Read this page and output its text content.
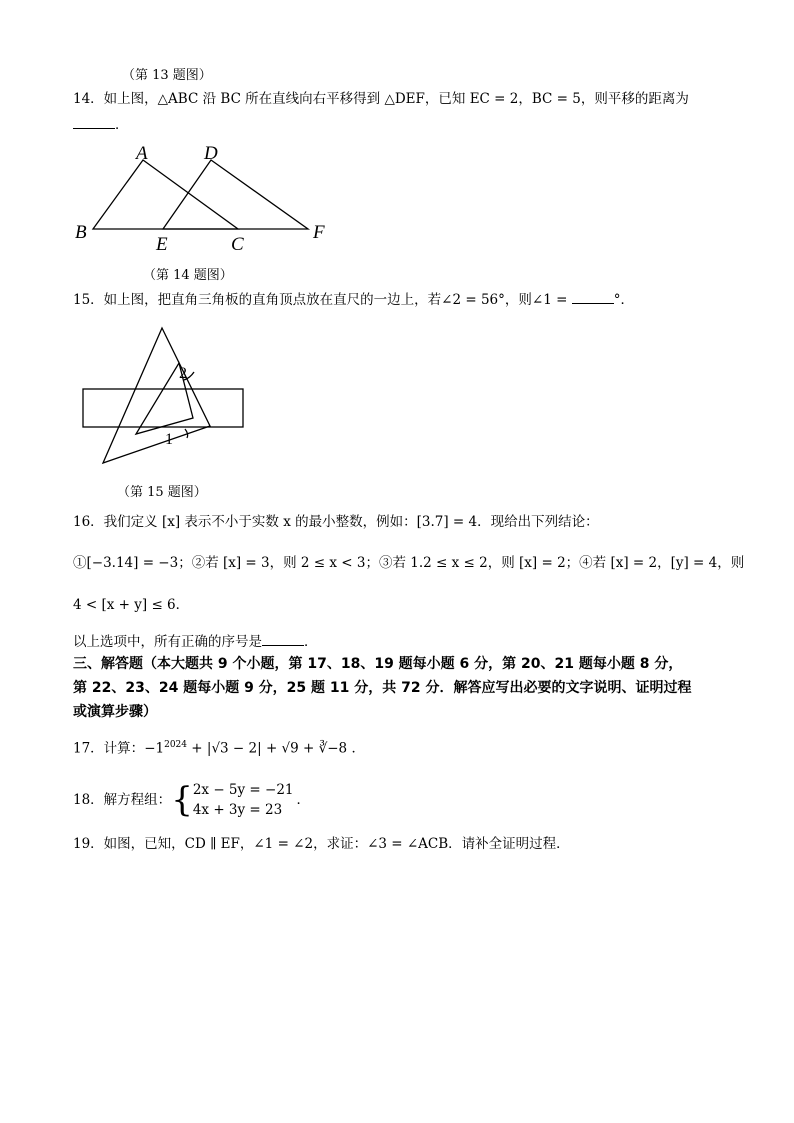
（第 13 题图）
14．如上图，△ABC 沿 BC 所在直线向右平移得到 △DEF，已知 EC = 2，BC = 5，则平移的距离为
．
A	D
B
E	C
F
（第 14 题图）
15．如上图，把直角三角板的直角顶点放在直尺的一边上，若∠2 = 56°，则∠1 =	°．
2
1
（第 15 题图）
16．我们定义 [x] 表示不小于实数 x 的最小整数，例如：[3.7] = 4．现给出下列结论：
①[−3.14] = −3；②若 [x] = 3，则 2 ≤ x < 3；③若 1.2 ≤ x ≤ 2，则 [x] = 2；④若 [x] = 2，[y] = 4，则
4 < [x + y] ≤ 6．
以上选项中，所有正确的序号是	．
三、解答题（本大题共 9 个小题，第 17、18、19 题每小题 6 分，第 20、21 题每小题 8 分，
第 22、23、24 题每小题 9 分，25 题 11 分，共 72 分．解答应写出必要的文字说明、证明过程
或演算步骤）
17．计算：$-1^{2024} + |√3 - 2| + √9$ + ∛−8 ．
18．解方程组： { 2x − 5y = −21
4x + 3y = 23
．
19．如图，已知，CD ∥ EF，∠1 = ∠2，求证：∠3 = ∠ACB．请补全证明过程．
